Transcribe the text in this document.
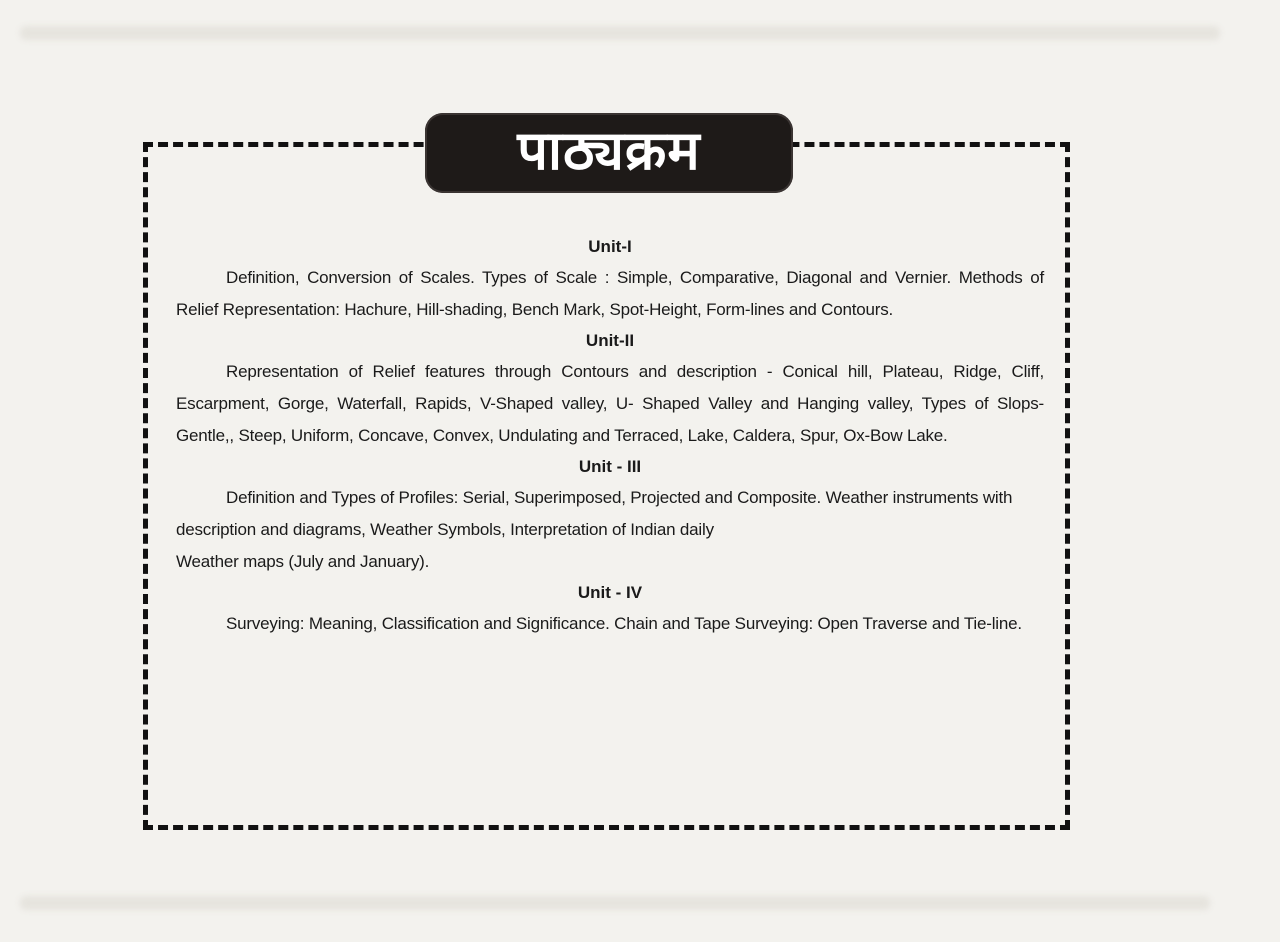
पाठ्यक्रम
Unit-I

Definition, Conversion of Scales. Types of Scale : Simple, Comparative, Diagonal and Vernier. Methods of Relief Representation: Hachure, Hill-shading, Bench Mark, Spot-Height, Form-lines and Contours.

Unit-II

Representation of Relief features through Contours and description - Conical hill, Plateau, Ridge, Cliff, Escarpment, Gorge, Waterfall, Rapids, V-Shaped valley, U- Shaped Valley and Hanging valley, Types of Slops-Gentle,, Steep, Uniform, Concave, Convex, Undulating and Terraced, Lake, Caldera, Spur, Ox-Bow Lake.

Unit - III

Definition and Types of Profiles: Serial, Superimposed, Projected and Composite. Weather instruments with description and diagrams, Weather Symbols, Interpretation of Indian daily

Weather maps (July and January).

Unit - IV

Surveying: Meaning, Classification and Significance. Chain and Tape Surveying: Open Traverse and Tie-line.
